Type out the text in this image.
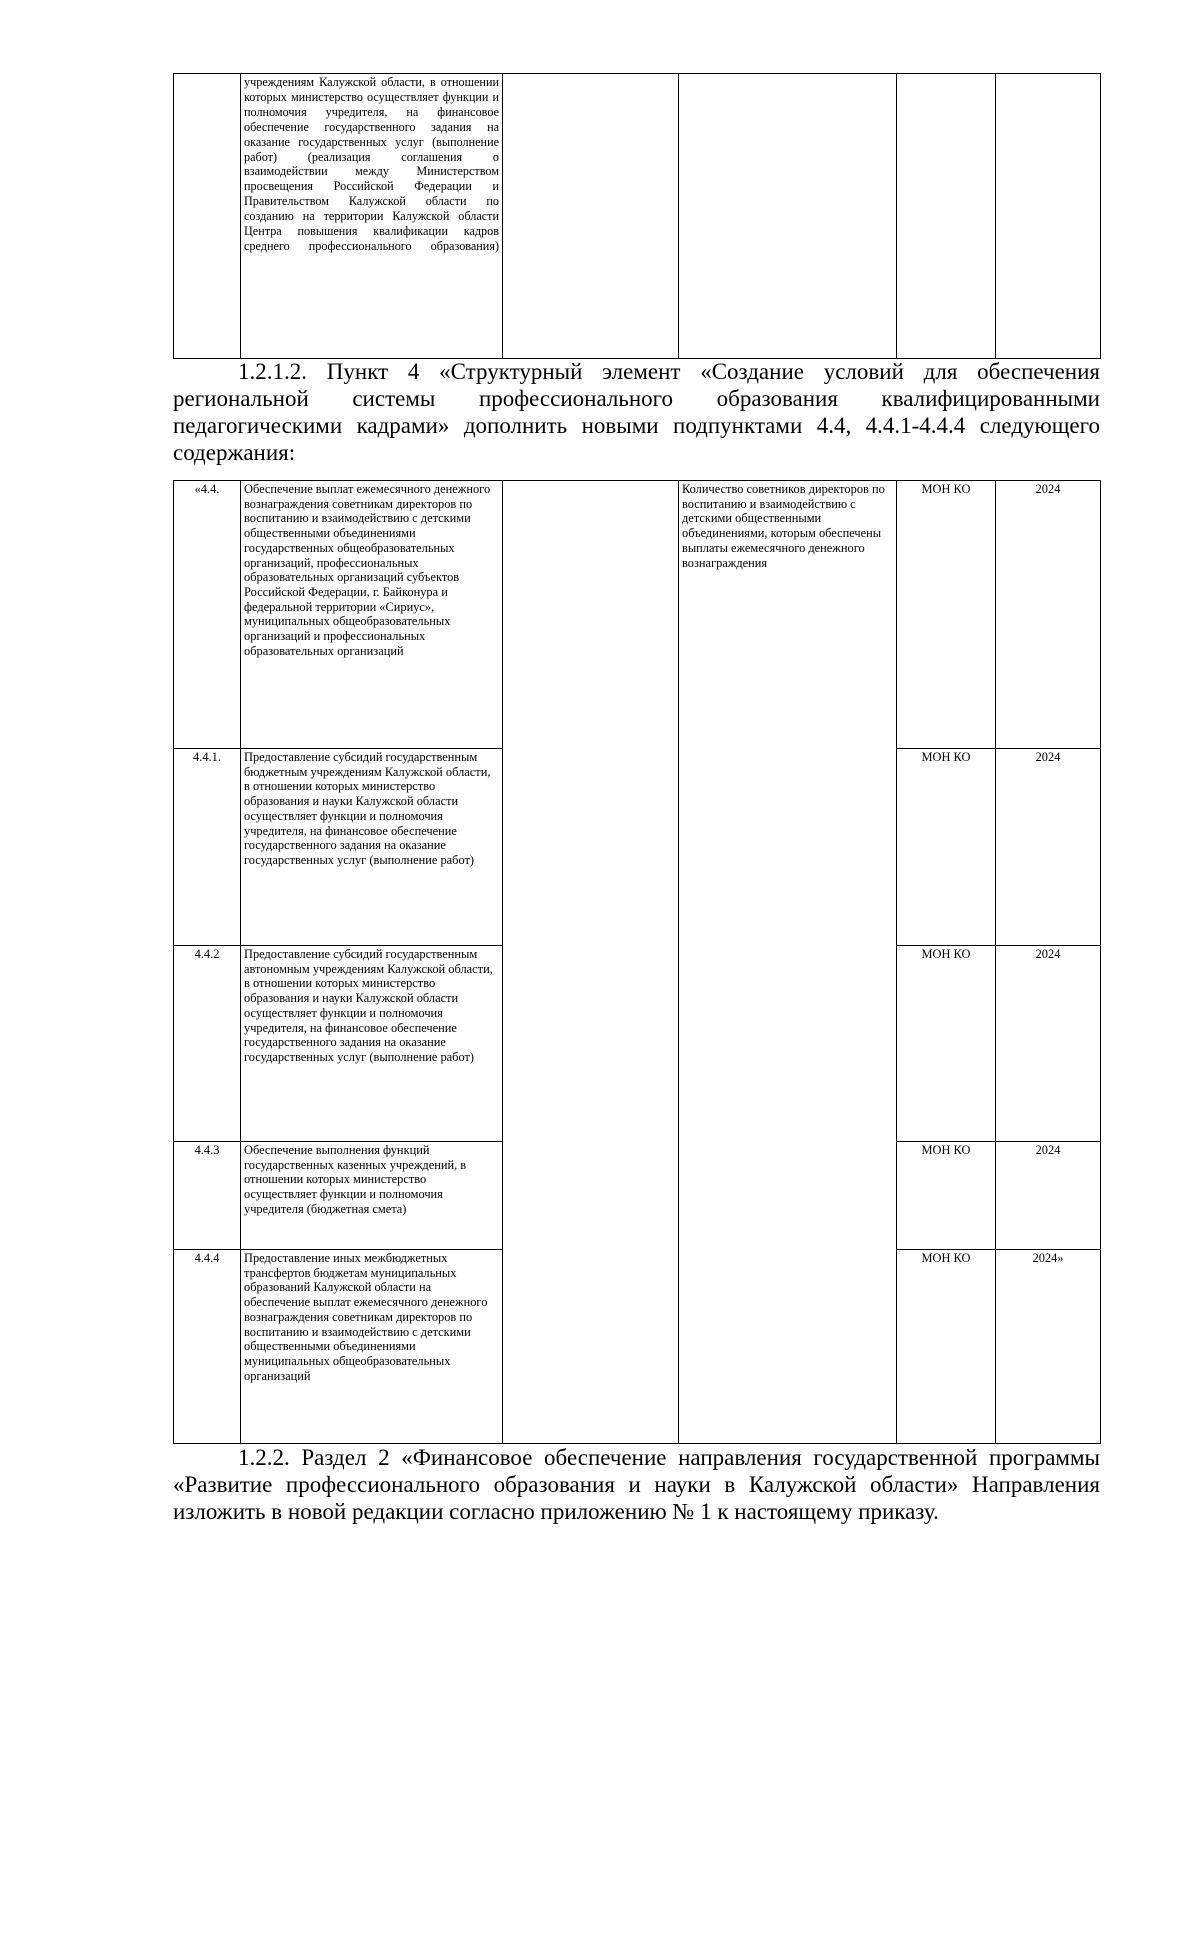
	учреждениям Калужской области, в отношении которых министерство осуществляет функции и полномочия учредителя, на финансовое обеспечение государственного задания на оказание государственных услуг (выполнение работ) (реализация соглашения о взаимодействии между Министерством просвещения Российской Федерации и Правительством Калужской области по созданию на территории Калужской области Центра повышения квалификации кадров среднего профессионального образования)				

1.2.1.2. Пункт 4 «Структурный элемент «Создание условий для обеспечения региональной системы профессионального образования квалифицированными педагогическими кадрами» дополнить новыми подпунктами 4.4, 4.4.1-4.4.4 следующего содержания:

«4.4.	Обеспечение выплат ежемесячного денежного вознаграждения советникам директоров по воспитанию и взаимодействию с детскими общественными объединениями государственных общеобразовательных организаций, профессиональных образовательных организаций субъектов Российской Федерации, г. Байконура и федеральной территории «Сириус», муниципальных общеобразовательных организаций и профессиональных образовательных организаций		Количество советников директоров по воспитанию и взаимодействию с детскими общественными объединениями, которым обеспечены выплаты ежемесячного денежного вознаграждения	МОН КО	2024
4.4.1.	Предоставление субсидий государственным бюджетным учреждениям Калужской области, в отношении которых министерство образования и науки Калужской области осуществляет функции и полномочия учредителя, на финансовое обеспечение государственного задания на оказание государственных услуг (выполнение работ)			МОН КО	2024
4.4.2	Предоставление субсидий государственным автономным учреждениям Калужской области, в отношении которых министерство образования и науки Калужской области осуществляет функции и полномочия учредителя, на финансовое обеспечение государственного задания на оказание государственных услуг (выполнение работ)			МОН КО	2024
4.4.3	Обеспечение выполнения функций государственных казенных учреждений, в отношении которых министерство осуществляет функции и полномочия учредителя (бюджетная смета)			МОН КО	2024
4.4.4	Предоставление иных межбюджетных трансфертов бюджетам муниципальных образований Калужской области на обеспечение выплат ежемесячного денежного вознаграждения советникам директоров по воспитанию и взаимодействию с детскими общественными объединениями муниципальных общеобразовательных организаций			МОН КО	2024»

1.2.2. Раздел 2 «Финансовое обеспечение направления государственной программы «Развитие профессионального образования и науки в Калужской области» Направления изложить в новой редакции согласно приложению № 1 к настоящему приказу.
